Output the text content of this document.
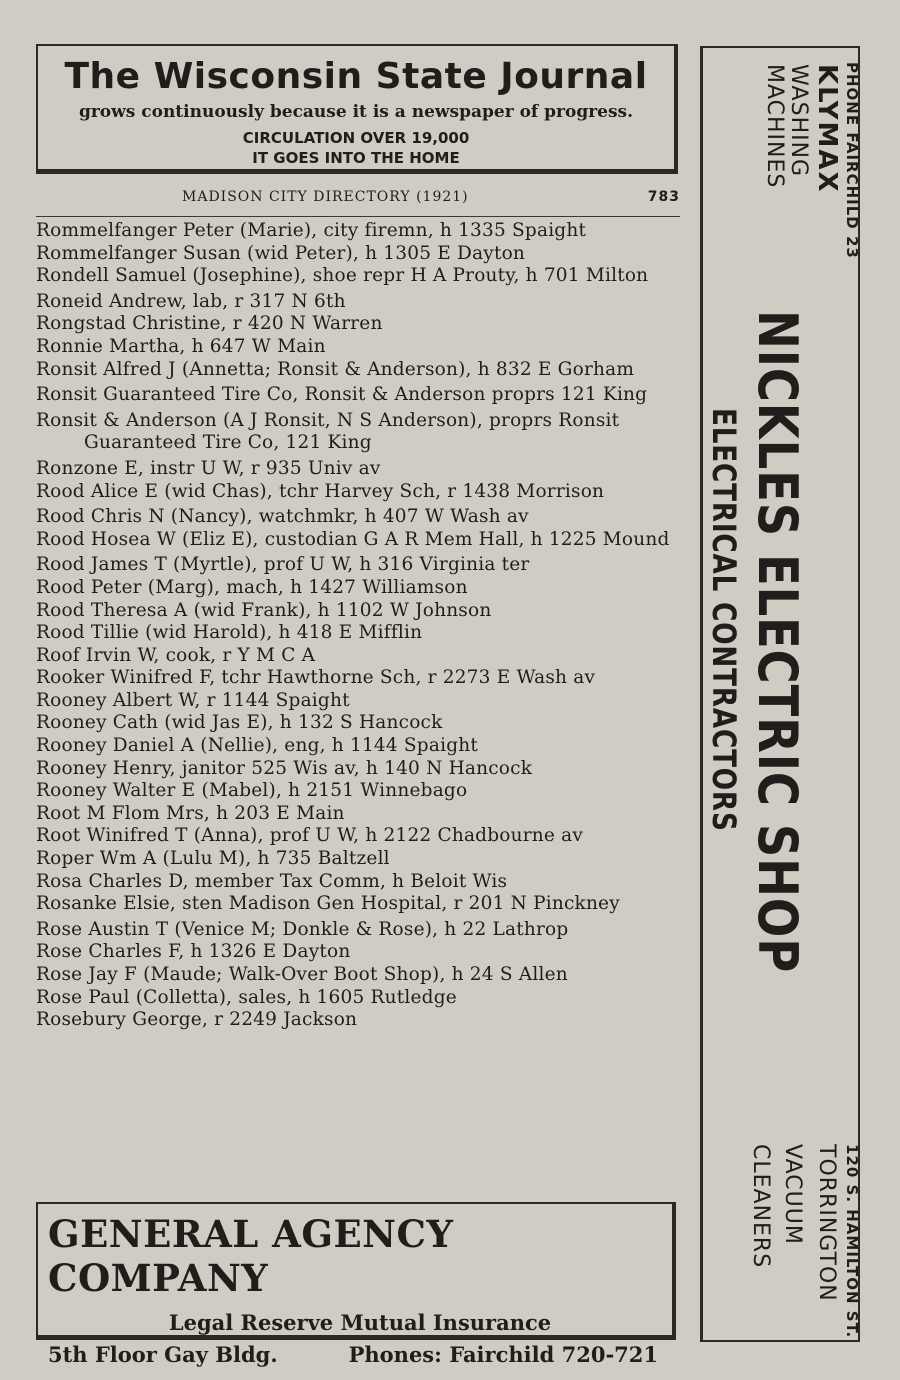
The Wisconsin State Journal
grows continuously because it is a newspaper of progress.
CIRCULATION OVER 19,000
IT GOES INTO THE HOME
MADISON CITY DIRECTORY (1921)	783
Rommelfanger Peter (Marie), city firemn, h 1335 Spaight
Rommelfanger Susan (wid Peter), h 1305 E Dayton
Rondell Samuel (Josephine), shoe repr H A Prouty, h 701 Milton
Roneid Andrew, lab, r 317 N 6th
Rongstad Christine, r 420 N Warren
Ronnie Martha, h 647 W Main
Ronsit Alfred J (Annetta; Ronsit & Anderson), h 832 E Gorham
Ronsit Guaranteed Tire Co, Ronsit & Anderson proprs 121 King
Ronsit & Anderson (A J Ronsit, N S Anderson), proprs Ronsit Guaranteed Tire Co, 121 King
Ronzone E, instr U W, r 935 Univ av
Rood Alice E (wid Chas), tchr Harvey Sch, r 1438 Morrison
Rood Chris N (Nancy), watchmkr, h 407 W Wash av
Rood Hosea W (Eliz E), custodian G A R Mem Hall, h 1225 Mound
Rood James T (Myrtle), prof U W, h 316 Virginia ter
Rood Peter (Marg), mach, h 1427 Williamson
Rood Theresa A (wid Frank), h 1102 W Johnson
Rood Tillie (wid Harold), h 418 E Mifflin
Roof Irvin W, cook, r Y M C A
Rooker Winifred F, tchr Hawthorne Sch, r 2273 E Wash av
Rooney Albert W, r 1144 Spaight
Rooney Cath (wid Jas E), h 132 S Hancock
Rooney Daniel A (Nellie), eng, h 1144 Spaight
Rooney Henry, janitor 525 Wis av, h 140 N Hancock
Rooney Walter E (Mabel), h 2151 Winnebago
Root M Flom Mrs, h 203 E Main
Root Winifred T (Anna), prof U W, h 2122 Chadbourne av
Roper Wm A (Lulu M), h 735 Baltzell
Rosa Charles D, member Tax Comm, h Beloit Wis
Rosanke Elsie, sten Madison Gen Hospital, r 201 N Pinckney
Rose Austin T (Venice M; Donkle & Rose), h 22 Lathrop
Rose Charles F, h 1326 E Dayton
Rose Jay F (Maude; Walk-Over Boot Shop), h 24 S Allen
Rose Paul (Colletta), sales, h 1605 Rutledge
Rosebury George, r 2249 Jackson
GENERAL AGENCY COMPANY
Legal Reserve Mutual Insurance
5th Floor Gay Bldg.	Phones: Fairchild 720-721
PHONE FAIRCHILD 23
KLYMAX
WASHING
MACHINES
NICKLES ELECTRIC SHOP
ELECTRICAL CONTRACTORS
120 S. HAMILTON ST.
TORRINGTON
VACUUM
CLEANERS
